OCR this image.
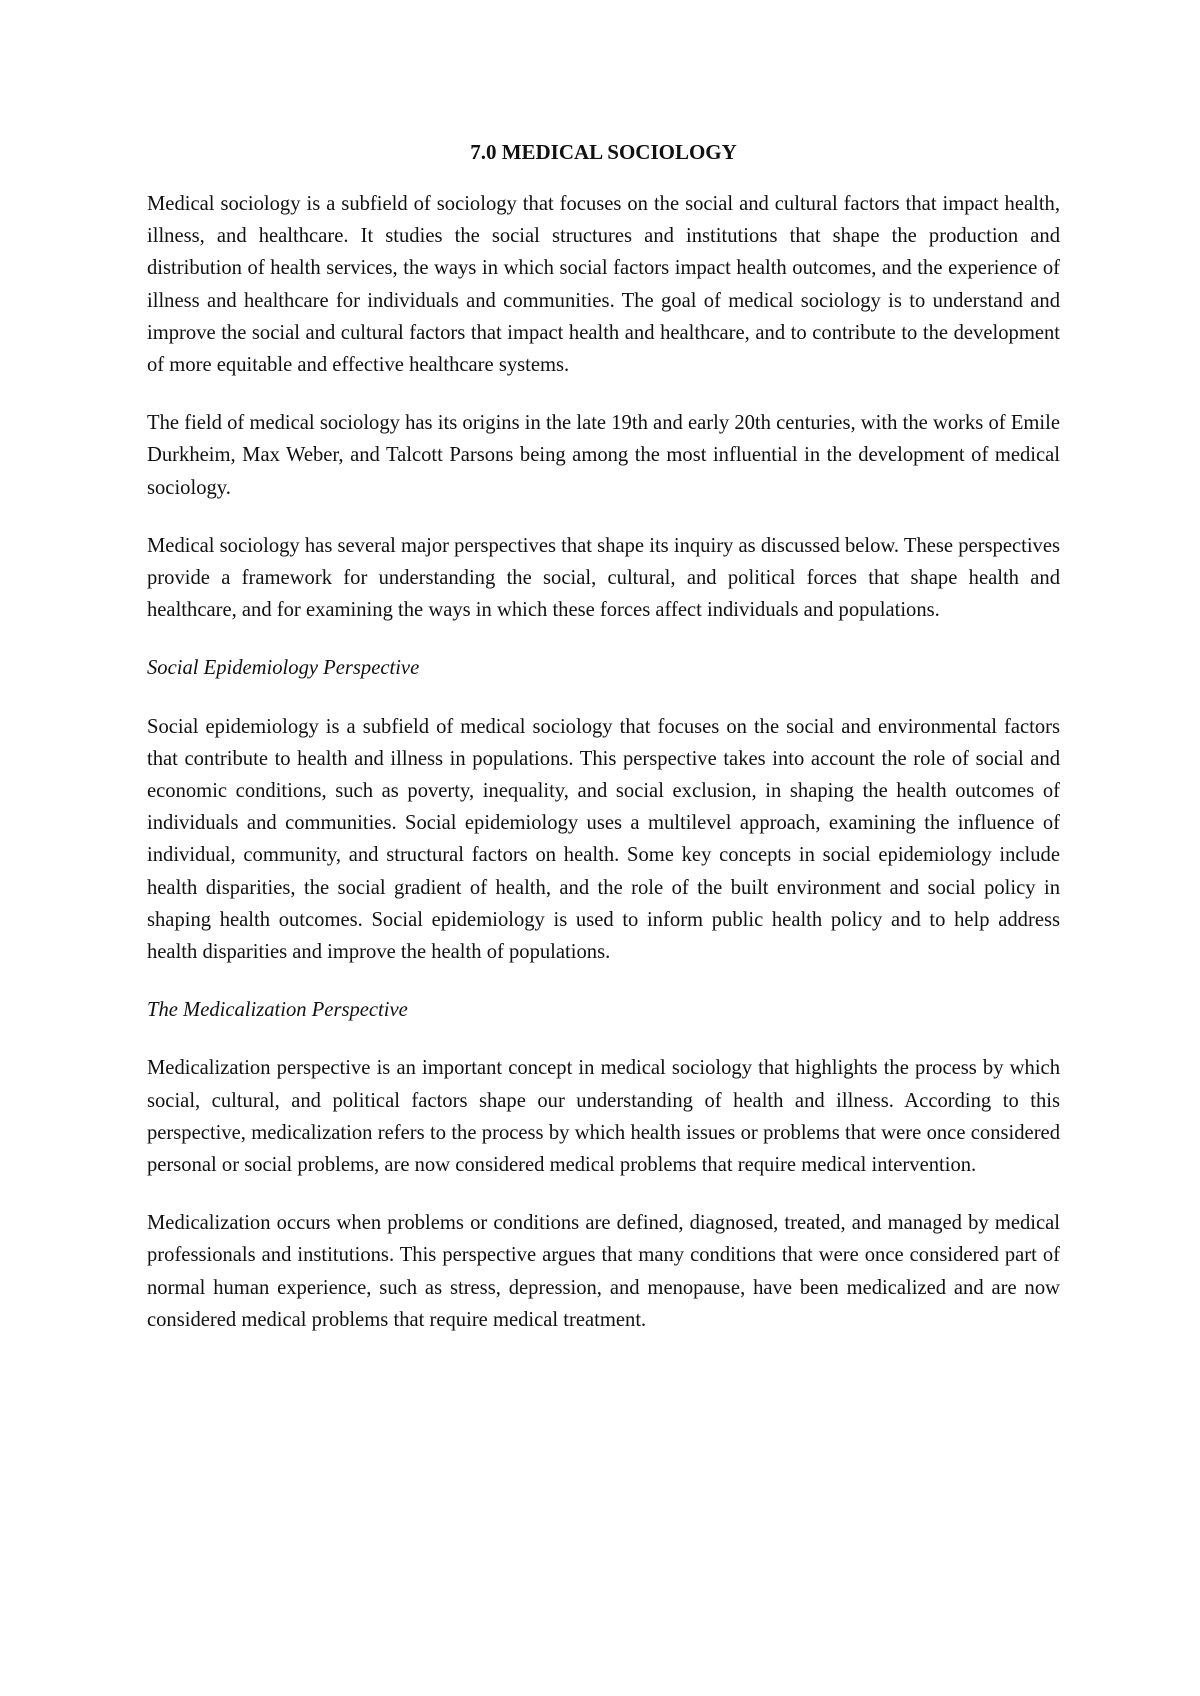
7.0 MEDICAL SOCIOLOGY

Medical sociology is a subfield of sociology that focuses on the social and cultural factors that impact health, illness, and healthcare. It studies the social structures and institutions that shape the production and distribution of health services, the ways in which social factors impact health outcomes, and the experience of illness and healthcare for individuals and communities. The goal of medical sociology is to understand and improve the social and cultural factors that impact health and healthcare, and to contribute to the development of more equitable and effective healthcare systems.

The field of medical sociology has its origins in the late 19th and early 20th centuries, with the works of Emile Durkheim, Max Weber, and Talcott Parsons being among the most influential in the development of medical sociology.

Medical sociology has several major perspectives that shape its inquiry as discussed below. These perspectives provide a framework for understanding the social, cultural, and political forces that shape health and healthcare, and for examining the ways in which these forces affect individuals and populations.

Social Epidemiology Perspective

Social epidemiology is a subfield of medical sociology that focuses on the social and environmental factors that contribute to health and illness in populations. This perspective takes into account the role of social and economic conditions, such as poverty, inequality, and social exclusion, in shaping the health outcomes of individuals and communities. Social epidemiology uses a multilevel approach, examining the influence of individual, community, and structural factors on health. Some key concepts in social epidemiology include health disparities, the social gradient of health, and the role of the built environment and social policy in shaping health outcomes. Social epidemiology is used to inform public health policy and to help address health disparities and improve the health of populations.

The Medicalization Perspective

Medicalization perspective is an important concept in medical sociology that highlights the process by which social, cultural, and political factors shape our understanding of health and illness. According to this perspective, medicalization refers to the process by which health issues or problems that were once considered personal or social problems, are now considered medical problems that require medical intervention.

Medicalization occurs when problems or conditions are defined, diagnosed, treated, and managed by medical professionals and institutions. This perspective argues that many conditions that were once considered part of normal human experience, such as stress, depression, and menopause, have been medicalized and are now considered medical problems that require medical treatment.
